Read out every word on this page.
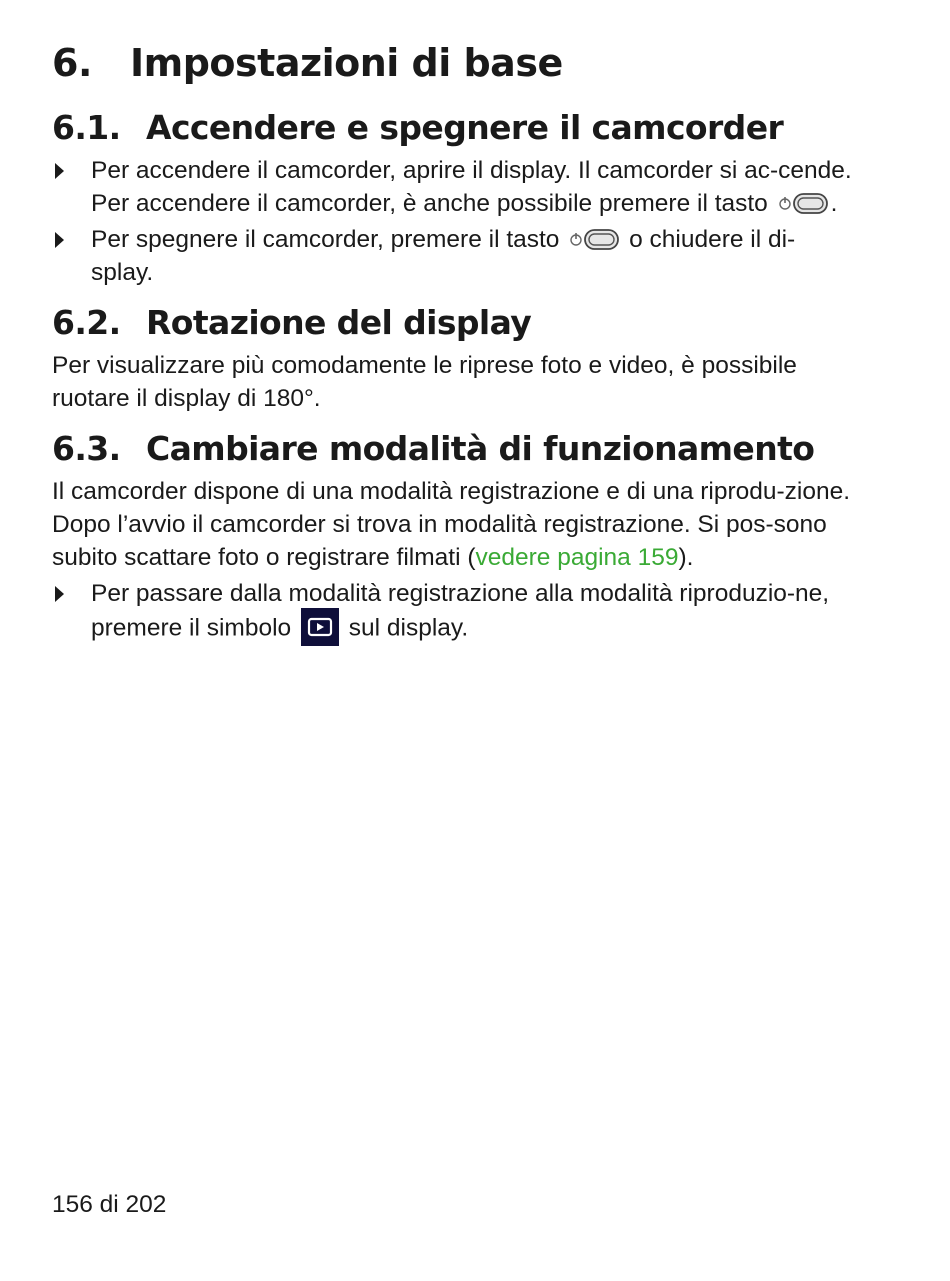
6.	Impostazioni di base
6.1. Accendere e spegnere il camcorder
Per accendere il camcorder, aprire il display. Il camcorder si ac-cende. Per accendere il camcorder, è anche possibile premere il tasto	.
Per spegnere il camcorder, premere il tasto	o chiudere il di-splay.
6.2. Rotazione del display

Per visualizzare più comodamente le riprese foto e video, è possibile ruotare il display di 180°.

6.3. Cambiare modalità di funzionamento

Il camcorder dispone di una modalità registrazione e di una riprodu-zione.

Dopo l’avvio il camcorder si trova in modalità registrazione. Si pos-sono subito scattare foto o registrare filmati (vedere pagina 159).

Per passare dalla modalità registrazione alla modalità riproduzio-ne, premere il simbolo sul display.
156 di 202
